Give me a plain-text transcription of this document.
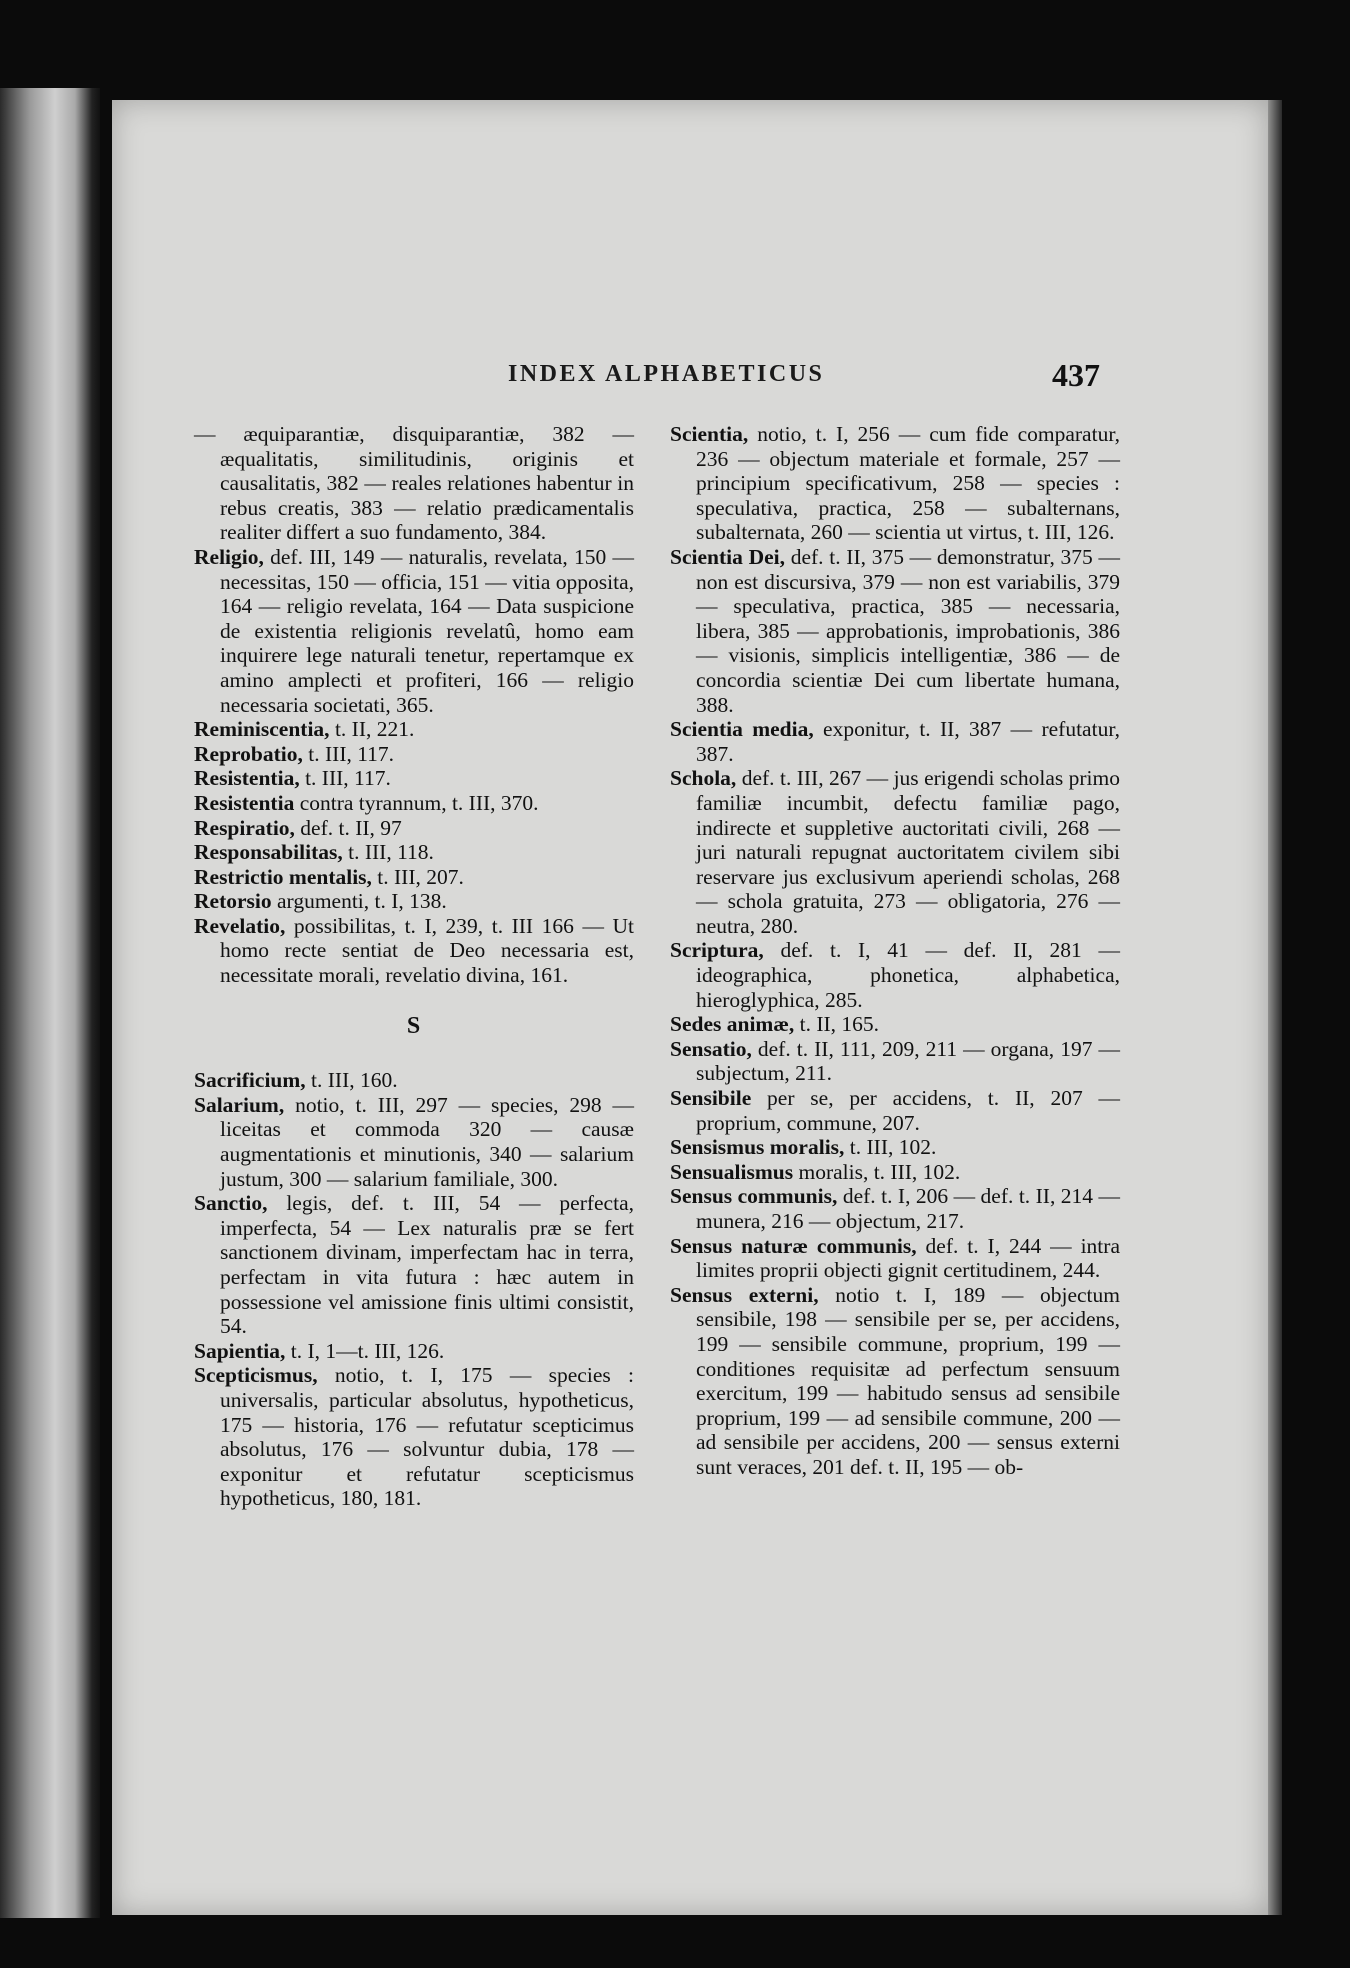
INDEX ALPHABETICUS	437

— æquiparantiæ, disquiparantiæ, 382 — æqualitatis, similitudinis, originis et causalitatis, 382 — reales relationes habentur in rebus creatis, 383 — relatio prædicamentalis realiter differt a suo fundamento, 384.

Religio, def. III, 149 — naturalis, revelata, 150 — necessitas, 150 — officia, 151 — vitia opposita, 164 — religio revelata, 164 — Data suspicione de existentia religionis revelatû, homo eam inquirere lege naturali tenetur, repertamque ex amino amplecti et profiteri, 166 — religio necessaria societati, 365.

Reminiscentia, t. II, 221.

Reprobatio, t. III, 117.

Resistentia, t. III, 117.

Resistentia contra tyrannum, t. III, 370.

Respiratio, def. t. II, 97

Responsabilitas, t. III, 118.

Restrictio mentalis, t. III, 207.

Retorsio argumenti, t. I, 138.

Revelatio, possibilitas, t. I, 239, t. III 166 — Ut homo recte sentiat de Deo necessaria est, necessitate morali, revelatio divina, 161.

S

Sacrificium, t. III, 160.

Salarium, notio, t. III, 297 — species, 298 — liceitas et commoda 320 — causæ augmentationis et minutionis, 340 — salarium justum, 300 — salarium familiale, 300.

Sanctio, legis, def. t. III, 54 — perfecta, imperfecta, 54 — Lex naturalis præ se fert sanctionem divinam, imperfectam hac in terra, perfectam in vita futura : hæc autem in possessione vel amissione finis ultimi consistit, 54.

Sapientia, t. I, 1—t. III, 126.

Scepticismus, notio, t. I, 175 — species : universalis, particular absolutus, hypotheticus, 175 — historia, 176 — refutatur scepticimus absolutus, 176 — solvuntur dubia, 178 — exponitur et refutatur scepticismus hypotheticus, 180, 181.

Scientia, notio, t. I, 256 — cum fide comparatur, 236 — objectum materiale et formale, 257 — principium specificativum, 258 — species : speculativa, practica, 258 — subalternans, subalternata, 260 — scientia ut virtus, t. III, 126.

Scientia Dei, def. t. II, 375 — demonstratur, 375 — non est discursiva, 379 — non est variabilis, 379 — speculativa, practica, 385 — necessaria, libera, 385 — approbationis, improbationis, 386 — visionis, simplicis intelligentiæ, 386 — de concordia scientiæ Dei cum libertate humana, 388.

Scientia media, exponitur, t. II, 387 — refutatur, 387.

Schola, def. t. III, 267 — jus erigendi scholas primo familiæ incumbit, defectu familiæ pago, indirecte et suppletive auctoritati civili, 268 — juri naturali repugnat auctoritatem civilem sibi reservare jus exclusivum aperiendi scholas, 268 — schola gratuita, 273 — obligatoria, 276 — neutra, 280.

Scriptura, def. t. I, 41 — def. II, 281 — ideographica, phonetica, alphabetica, hieroglyphica, 285.

Sedes animæ, t. II, 165.

Sensatio, def. t. II, 111, 209, 211 — organa, 197 — subjectum, 211.

Sensibile per se, per accidens, t. II, 207 — proprium, commune, 207.

Sensismus moralis, t. III, 102.

Sensualismus moralis, t. III, 102.

Sensus communis, def. t. I, 206 — def. t. II, 214 — munera, 216 — objectum, 217.

Sensus naturæ communis, def. t. I, 244 — intra limites proprii objecti gignit certitudinem, 244.

Sensus externi, notio t. I, 189 — objectum sensibile, 198 — sensibile per se, per accidens, 199 — sensibile commune, proprium, 199 — conditiones requisitæ ad perfectum sensuum exercitum, 199 — habitudo sensus ad sensibile proprium, 199 — ad sensibile commune, 200 — ad sensibile per accidens, 200 — sensus externi sunt veraces, 201 def. t. II, 195 — ob-
